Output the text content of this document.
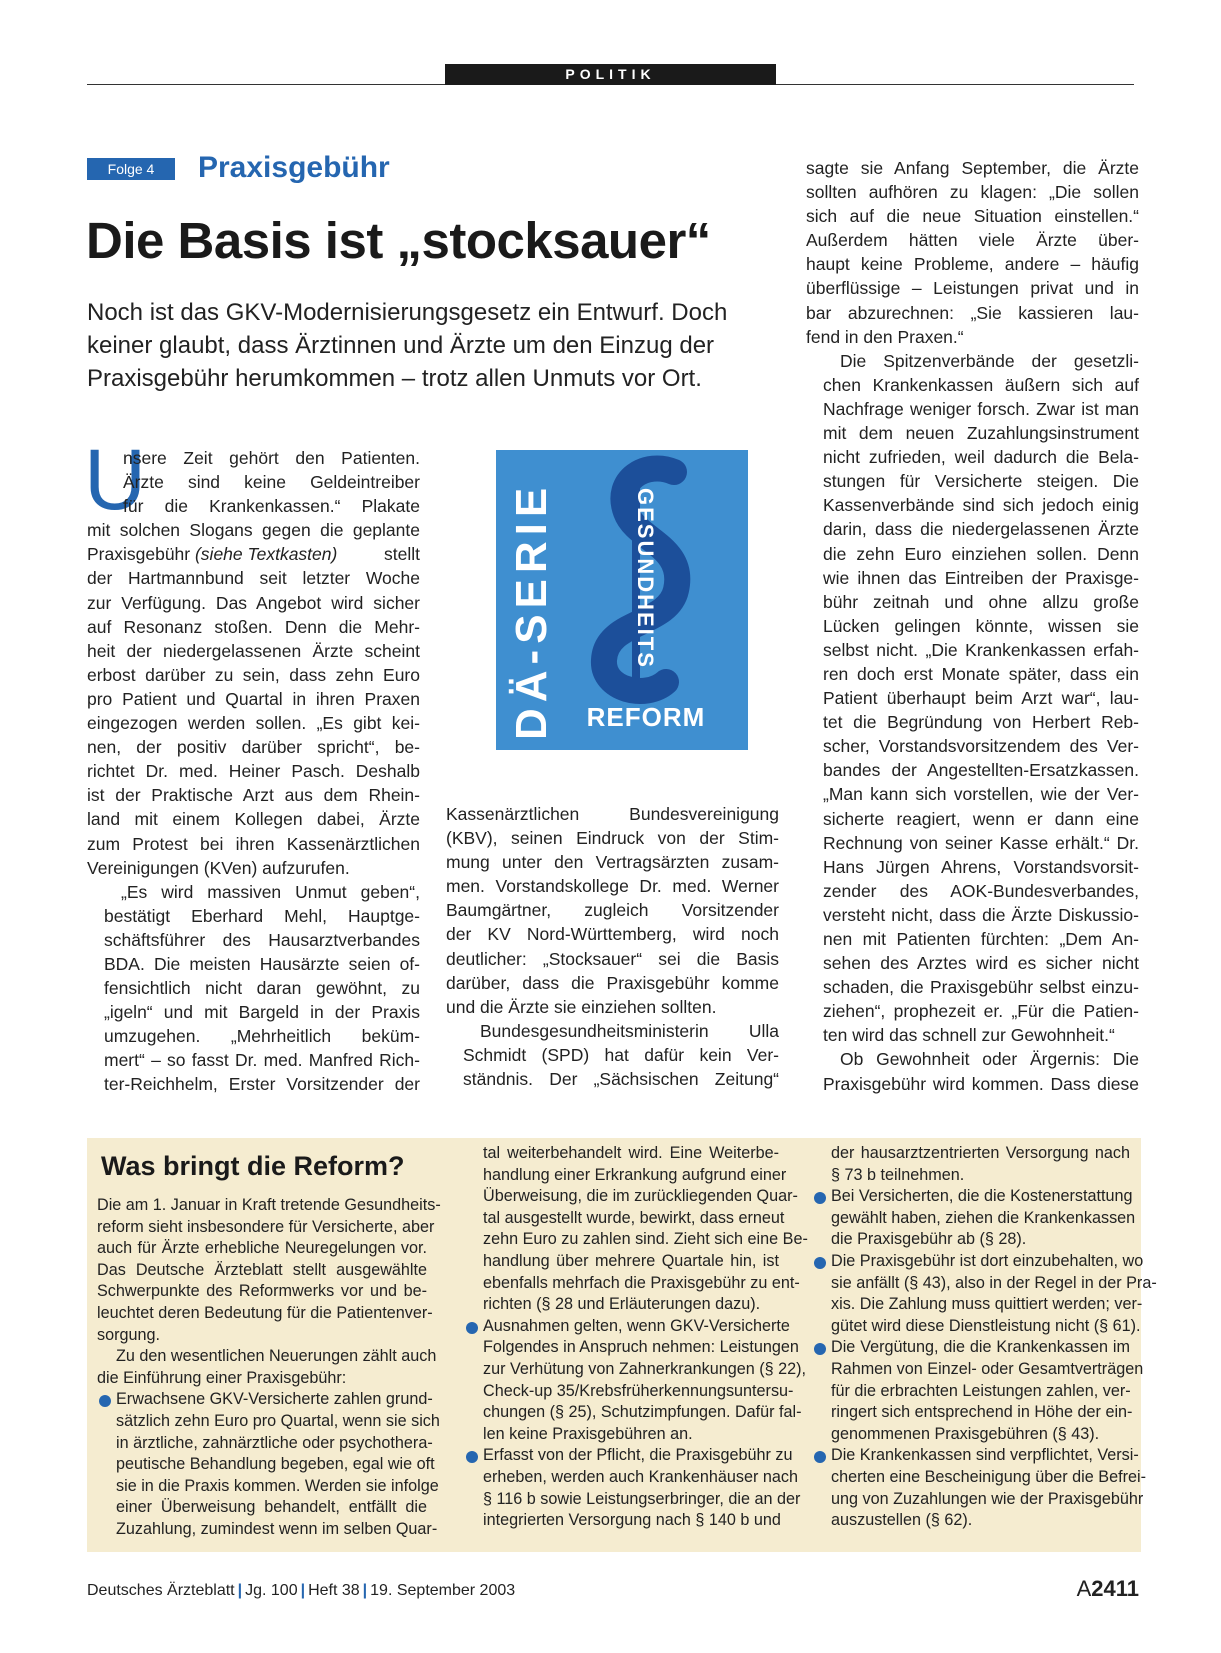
POLITIK
Folge 4	Praxisgebühr
Die Basis ist „stocksauer“
Noch ist das GKV-Modernisierungsgesetz ein Entwurf. Doch
keiner glaubt, dass Ärztinnen und Ärzte um den Einzug der
Praxisgebühr herumkommen – trotz allen Unmuts vor Ort.
U

nsere Zeit gehört den Patienten.
Ärzte sind keine Geldeintreiber
für die Krankenkassen.“ Plakate
mit solchen Slogans gegen die geplante
Praxisgebühr (siehe Textkasten)	stellt
der Hartmannbund seit letzter Woche
zur Verfügung. Das Angebot wird sicher
auf Resonanz stoßen. Denn die Mehr-
heit der niedergelassenen Ärzte scheint
erbost darüber zu sein, dass zehn Euro
pro Patient und Quartal in ihren Praxen
eingezogen werden sollen. „Es gibt kei-
nen, der positiv darüber spricht“, be-
richtet Dr. med. Heiner Pasch. Deshalb
ist der Praktische Arzt aus dem Rhein-
land mit einem Kollegen dabei, Ärzte
zum Protest bei ihren Kassenärztlichen
Vereinigungen (KVen) aufzurufen.

„Es wird massiven Unmut geben“,
bestätigt Eberhard Mehl, Hauptge-
schäftsführer des Hausarztverbandes
BDA. Die meisten Hausärzte seien of-
fensichtlich nicht daran gewöhnt, zu
„igeln“ und mit Bargeld in der Praxis
umzugehen. „Mehrheitlich beküm-
mert“ – so fasst Dr. med. Manfred Rich-
ter-Reichhelm, Erster Vorsitzender der

DÄ-SERIE	GESUNDHEITS
REFORM

Kassenärztlichen Bundesvereinigung
(KBV), seinen Eindruck von der Stim-
mung unter den Vertragsärzten zusam-
men. Vorstandskollege Dr. med. Werner
Baumgärtner, zugleich Vorsitzender
der KV Nord-Württemberg, wird noch
deutlicher: „Stocksauer“ sei die Basis
darüber, dass die Praxisgebühr komme
und die Ärzte sie einziehen sollten.

Bundesgesundheitsministerin Ulla
Schmidt (SPD) hat dafür kein Ver-
ständnis. Der „Sächsischen Zeitung“

sagte sie Anfang September, die Ärzte
sollten aufhören zu klagen: „Die sollen
sich auf die neue Situation einstellen.“
Außerdem hätten viele Ärzte über-
haupt keine Probleme, andere – häufig
überflüssige – Leistungen privat und in
bar abzurechnen: „Sie kassieren lau-
fend in den Praxen.“

Die Spitzenverbände der gesetzli-
chen Krankenkassen äußern sich auf
Nachfrage weniger forsch. Zwar ist man
mit dem neuen Zuzahlungsinstrument
nicht zufrieden, weil dadurch die Bela-
stungen für Versicherte steigen. Die
Kassenverbände sind sich jedoch einig
darin, dass die niedergelassenen Ärzte
die zehn Euro einziehen sollen. Denn
wie ihnen das Eintreiben der Praxisge-
bühr zeitnah und ohne allzu große
Lücken gelingen könnte, wissen sie
selbst nicht. „Die Krankenkassen erfah-
ren doch erst Monate später, dass ein
Patient überhaupt beim Arzt war“, lau-
tet die Begründung von Herbert Reb-
scher, Vorstandsvorsitzendem des Ver-
bandes der Angestellten-Ersatzkassen.
„Man kann sich vorstellen, wie der Ver-
sicherte reagiert, wenn er dann eine
Rechnung von seiner Kasse erhält.“ Dr.
Hans Jürgen Ahrens, Vorstandsvorsit-
zender des AOK-Bundesverbandes,
versteht nicht, dass die Ärzte Diskussio-
nen mit Patienten fürchten: „Dem An-
sehen des Arztes wird es sicher nicht
schaden, die Praxisgebühr selbst einzu-
ziehen“, prophezeit er. „Für die Patien-
ten wird das schnell zur Gewohnheit.“

Ob Gewohnheit oder Ärgernis: Die
Praxisgebühr wird kommen. Dass diese

Was bringt die Reform?
Die am 1. Januar in Kraft tretende Gesundheits-
reform sieht insbesondere für Versicherte, aber
auch für Ärzte erhebliche Neuregelungen vor.
Das Deutsche Ärzteblatt stellt ausgewählte
Schwerpunkte des Reformwerks vor und be-
leuchtet deren Bedeutung für die Patientenver-
sorgung.
Zu den wesentlichen Neuerungen zählt auch
die Einführung einer Praxisgebühr:
Erwachsene GKV-Versicherte zahlen grund-
sätzlich zehn Euro pro Quartal, wenn sie sich
in ärztliche, zahnärztliche oder psychothera-
peutische Behandlung begeben, egal wie oft
sie in die Praxis kommen. Werden sie infolge
einer Überweisung behandelt, entfällt die
Zuzahlung, zumindest wenn im selben Quar-
tal weiterbehandelt wird. Eine Weiterbe-
handlung einer Erkrankung aufgrund einer
Überweisung, die im zurückliegenden Quar-
tal ausgestellt wurde, bewirkt, dass erneut
zehn Euro zu zahlen sind. Zieht sich eine Be-
handlung über mehrere Quartale hin, ist
ebenfalls mehrfach die Praxisgebühr zu ent-
richten (§ 28 und Erläuterungen dazu).
Ausnahmen gelten, wenn GKV-Versicherte
Folgendes in Anspruch nehmen: Leistungen
zur Verhütung von Zahnerkrankungen (§ 22),
Check-up 35/Krebsfrüherkennungsuntersu-
chungen (§ 25), Schutzimpfungen. Dafür fal-
len keine Praxisgebühren an.
Erfasst von der Pflicht, die Praxisgebühr zu
erheben, werden auch Krankenhäuser nach
§ 116 b sowie Leistungserbringer, die an der
integrierten Versorgung nach § 140 b und
der hausarztzentrierten Versorgung nach
§ 73 b teilnehmen.
Bei Versicherten, die die Kostenerstattung
gewählt haben, ziehen die Krankenkassen
die Praxisgebühr ab (§ 28).
Die Praxisgebühr ist dort einzubehalten, wo
sie anfällt (§ 43), also in der Regel in der Pra-
xis. Die Zahlung muss quittiert werden; ver-
gütet wird diese Dienstleistung nicht (§ 61).
Die Vergütung, die die Krankenkassen im
Rahmen von Einzel- oder Gesamtverträgen
für die erbrachten Leistungen zahlen, ver-
ringert sich entsprechend in Höhe der ein-
genommenen Praxisgebühren (§ 43).
Die Krankenkassen sind verpflichtet, Versi-
cherten eine Bescheinigung über die Befrei-
ung von Zuzahlungen wie der Praxisgebühr
auszustellen (§ 62).
Deutsches Ärzteblatt | Jg. 100 | Heft 38 | 19. September 2003	A2411
